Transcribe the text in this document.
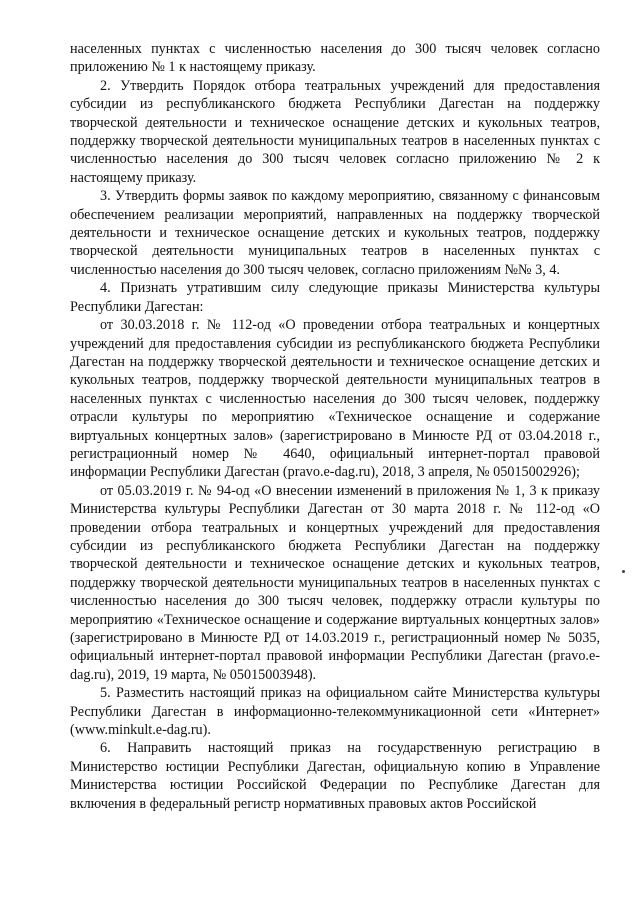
населенных пунктах с численностью населения до 300 тысяч человек согласно приложению № 1 к настоящему приказу.

2. Утвердить Порядок отбора театральных учреждений для предоставления субсидии из республиканского бюджета Республики Дагестан на поддержку творческой деятельности и техническое оснащение детских и кукольных театров, поддержку творческой деятельности муниципальных театров в населенных пунктах с численностью населения до 300 тысяч человек согласно приложению № 2 к настоящему приказу.

3. Утвердить формы заявок по каждому мероприятию, связанному с финансовым обеспечением реализации мероприятий, направленных на поддержку творческой деятельности и техническое оснащение детских и кукольных театров, поддержку творческой деятельности муниципальных театров в населенных пунктах с численностью населения до 300 тысяч человек, согласно приложениям №№ 3, 4.

4. Признать утратившим силу следующие приказы Министерства культуры Республики Дагестан:

от 30.03.2018 г. № 112-од «О проведении отбора театральных и концертных учреждений для предоставления субсидии из республиканского бюджета Республики Дагестан на поддержку творческой деятельности и техническое оснащение детских и кукольных театров, поддержку творческой деятельности муниципальных театров в населенных пунктах с численностью населения до 300 тысяч человек, поддержку отрасли культуры по мероприятию «Техническое оснащение и содержание виртуальных концертных залов» (зарегистрировано в Минюсте РД от 03.04.2018 г., регистрационный номер № 4640, официальный интернет-портал правовой информации Республики Дагестан (pravo.e-dag.ru), 2018, 3 апреля, № 05015002926);

от 05.03.2019 г. № 94-од «О внесении изменений в приложения № 1, 3 к приказу Министерства культуры Республики Дагестан от 30 марта 2018 г. № 112-од «О проведении отбора театральных и концертных учреждений для предоставления субсидии из республиканского бюджета Республики Дагестан на поддержку творческой деятельности и техническое оснащение детских и кукольных театров, поддержку творческой деятельности муниципальных театров в населенных пунктах с численностью населения до 300 тысяч человек, поддержку отрасли культуры по мероприятию «Техническое оснащение и содержание виртуальных концертных залов» (зарегистрировано в Минюсте РД от 14.03.2019 г., регистрационный номер № 5035, официальный интернет-портал правовой информации Республики Дагестан (pravo.e-dag.ru), 2019, 19 марта, № 05015003948).

5. Разместить настоящий приказ на официальном сайте Министерства культуры Республики Дагестан в информационно-телекоммуникационной сети «Интернет» (www.minkult.e-dag.ru).

6. Направить настоящий приказ на государственную регистрацию в Министерство юстиции Республики Дагестан, официальную копию в Управление Министерства юстиции Российской Федерации по Республике Дагестан для включения в федеральный регистр нормативных правовых актов Российской
